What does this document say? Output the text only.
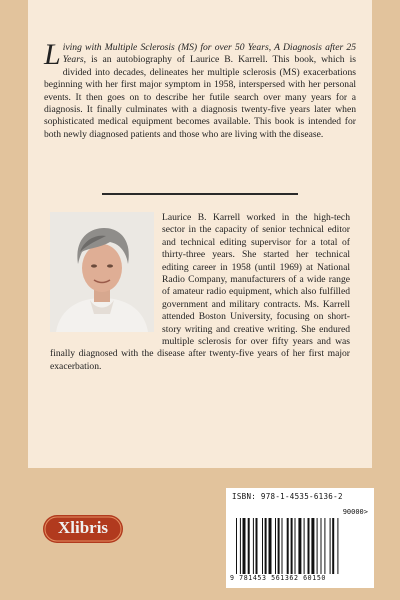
Living with Multiple Sclerosis (MS) for over 50 Years, A Diagnosis after 25 Years, is an autobiography of Laurice B. Karrell. This book, which is divided into decades, delineates her multiple sclerosis (MS) exacerbations beginning with her first major symptom in 1958, interspersed with her personal events. It then goes on to describe her futile search over many years for a diagnosis. It finally culminates with a diagnosis twenty-five years later when sophisticated medical equipment becomes available. This book is intended for both newly diagnosed patients and those who are living with the disease.
Laurice B. Karrell worked in the high-tech sector in the capacity of senior technical editor and technical editing supervisor for a total of thirty-three years. She started her technical editing career in 1958 (until 1969) at National Radio Company, manufacturers of a wide range of amateur radio equipment, which also fulfilled government and military contracts. Ms. Karrell attended Boston University, focusing on short-story writing and creative writing. She endured multiple sclerosis for over fifty years and was finally diagnosed with the disease after twenty-five years of her first major exacerbation.
Xlibris
ISBN: 978-1-4535-6136-2
90000>
9 781453 561362 60150
